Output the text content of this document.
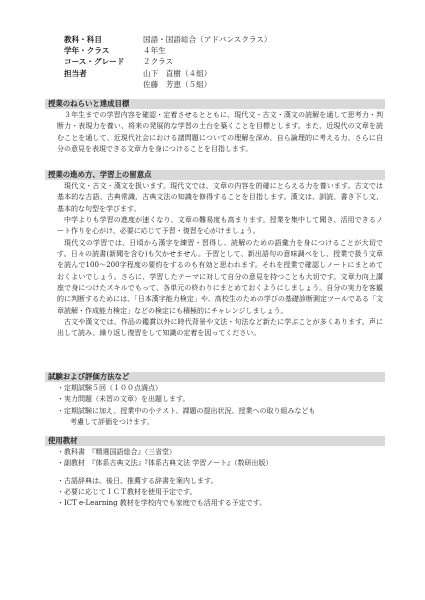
教科・科目	国語・国語総合（アドバンスクラス）
学年・クラス	４年生
コース・グレード	２クラス
担当者	山下　直樹（４組）
佐藤　芳恵（５組）
授業のねらいと達成目標

３年生までの学習内容を確認・定着させるとともに、現代文・古文・漢文の読解を通して思考力・判断力・表現力を養い、将来の発展的な学習の土台を築くことを目標とします。また、近現代の文章を読むことを通して、近現代社会における諸問題についての理解を深め、自ら論理的に考える力、さらに自分の意見を表現できる文章力を身につけることを目指します。

授業の進め方、学習上の留意点

現代文・古文・漢文を扱います。現代文では、文章の内容を的確にとらえる力を養います。古文では基本的な古語、古典常識、古典文法の知識を修得することを目指します。漢文は、訓読、書き下し文、基本的な句型を学びます。

中学よりも学習の進度が速くなり、文章の難易度も高まります。授業を集中して聞き、活用できるノート作りを心がけ、必要に応じて予習・復習を心がけましょう。

現代文の学習では、日頃から漢字を練習・習得し、読解のための語彙力を身につけることが大切です。日々の読書(新聞を含む)も欠かせません。予習として、新出語句の意味調べをし、授業で扱う文章を読んで100～200字程度の要約をするのも有効と思われます。それを授業で確認しノートにまとめておくよいでしょう。さらに、学習したテーマに対して自分の意見を持つことも大切です。文章力向上講座で身につけたスキルでもって、各単元の終わりにまとめておくようにしましょう。自分の実力を客観的に判断するためには、「日本漢字能力検定」や、高校生のための学びの基礎診断測定ツールである「文章読解・作成能力検定」などの検定にも積極的にチャレンジしましょう。

古文や漢文では、作品の鑑賞以外に時代背景や文法・句法など新たに学ぶことが多くあります。声に出して読み、繰り返し復習をして知識の定着を図ってください。

試験および評価方法など
・定期試験５回（１００点満点）
・実力問題（未習の文章）を出題します。
・定期試験に加え、授業中の小テスト、課題の提出状況、授業への取り組みなども
考慮して評価をつけます。
使用教材
・教科書　『精選国語総合』（三省堂）
・副教材　『体系古典文法』『体系古典文法 学習ノート』（数研出版）
・古語辞典は、後日、推薦する辞書を案内します。
・必要に応じてＩＣＴ教材を使用予定です。
・ICT e-Learning 教材を学校内でも家庭でも活用する予定です。
